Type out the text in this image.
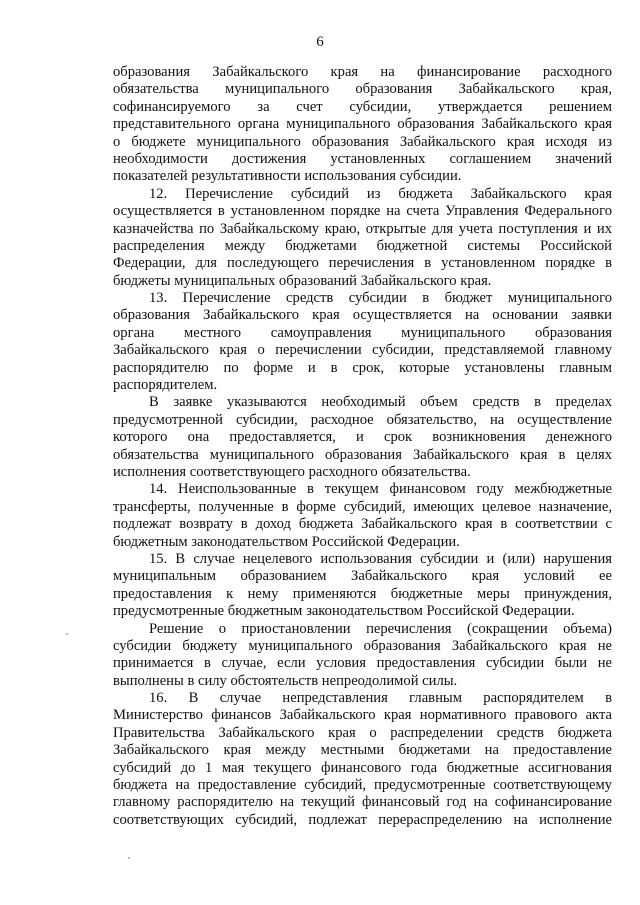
6
образования Забайкальского края на финансирование расходного
обязательства муниципального образования Забайкальского края,
софинансируемого за счет субсидии, утверждается решением
представительного органа муниципального образования Забайкальского края
о бюджете муниципального образования Забайкальского края исходя из
необходимости достижения установленных соглашением значений
показателей результативности использования субсидии.
12. Перечисление субсидий из бюджета Забайкальского края
осуществляется в установленном порядке на счета Управления Федерального
казначейства по Забайкальскому краю, открытые для учета поступления и их
распределения между бюджетами бюджетной системы Российской
Федерации, для последующего перечисления в установленном порядке в
бюджеты муниципальных образований Забайкальского края.
13. Перечисление средств субсидии в бюджет муниципального
образования Забайкальского края осуществляется на основании заявки
органа местного самоуправления муниципального образования
Забайкальского края о перечислении субсидии, представляемой главному
распорядителю по форме и в срок, которые установлены главным
распорядителем.
В заявке указываются необходимый объем средств в пределах
предусмотренной субсидии, расходное обязательство, на осуществление
которого она предоставляется, и срок возникновения денежного
обязательства муниципального образования Забайкальского края в целях
исполнения соответствующего расходного обязательства.
14. Неиспользованные в текущем финансовом году межбюджетные
трансферты, полученные в форме субсидий, имеющих целевое назначение,
подлежат возврату в доход бюджета Забайкальского края в соответствии с
бюджетным законодательством Российской Федерации.
15. В случае нецелевого использования субсидии и (или) нарушения
муниципальным образованием Забайкальского края условий ее
предоставления к нему применяются бюджетные меры принуждения,
предусмотренные бюджетным законодательством Российской Федерации.
Решение о приостановлении перечисления (сокращении объема)
субсидии бюджету муниципального образования Забайкальского края не
принимается в случае, если условия предоставления субсидии были не
выполнены в силу обстоятельств непреодолимой силы.
16. В случае непредставления главным распорядителем в
Министерство финансов Забайкальского края нормативного правового акта
Правительства Забайкальского края о распределении средств бюджета
Забайкальского края между местными бюджетами на предоставление
субсидий до 1 мая текущего финансового года бюджетные ассигнования
бюджета на предоставление субсидий, предусмотренные соответствующему
главному распорядителю на текущий финансовый год на софинансирование
соответствующих субсидий, подлежат перераспределению на исполнение
